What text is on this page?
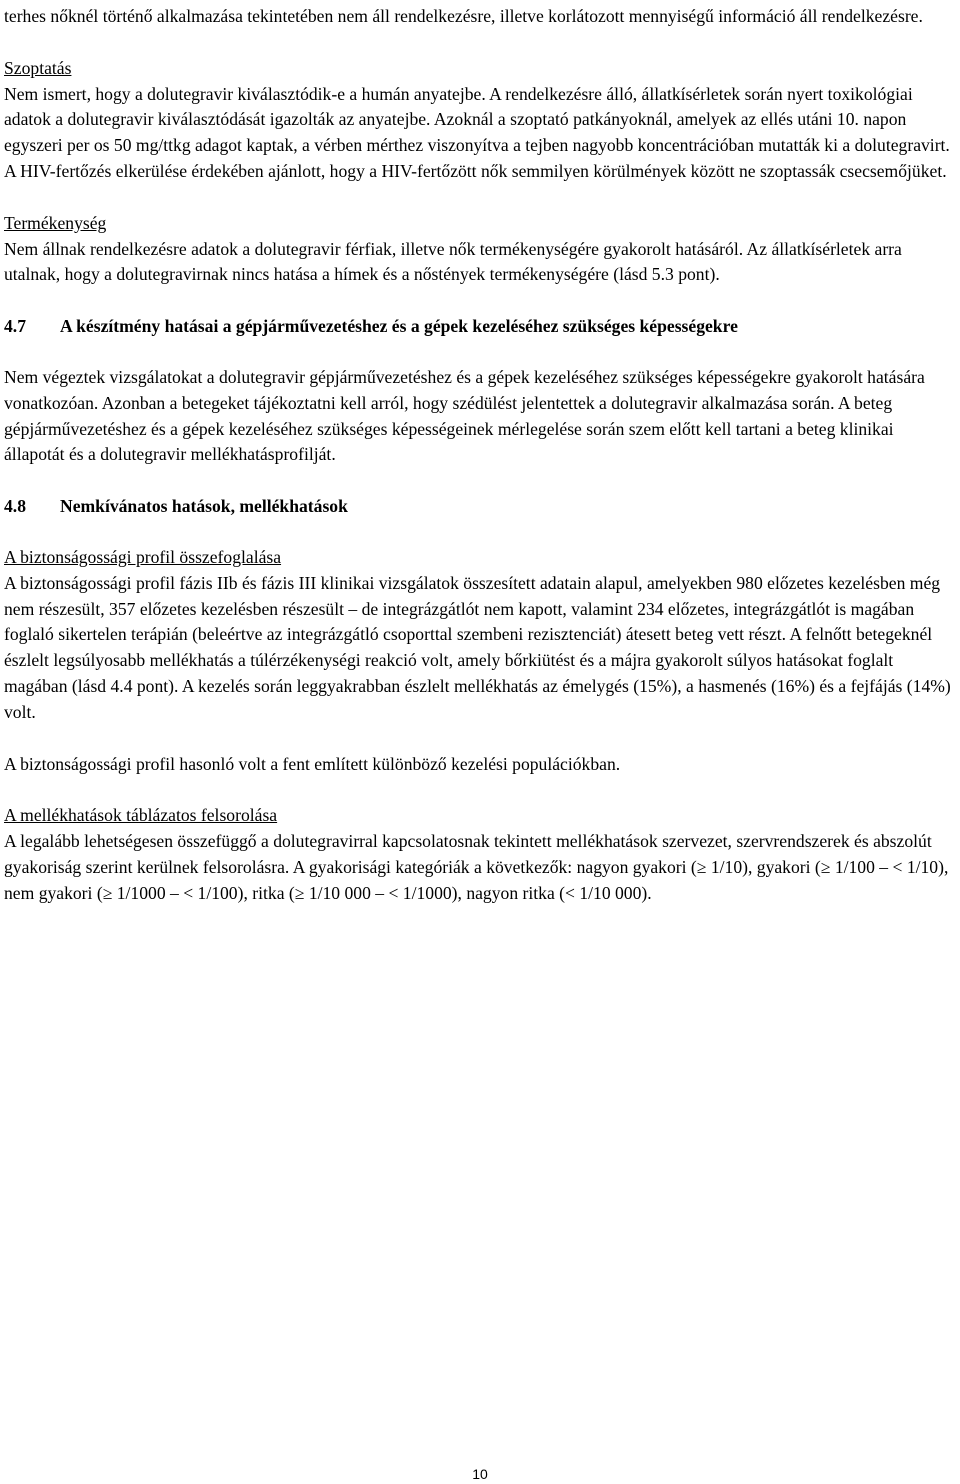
terhes nőknél történő alkalmazása tekintetében nem áll rendelkezésre, illetve korlátozott mennyiségű információ áll rendelkezésre.

Szoptatás

Nem ismert, hogy a dolutegravir kiválasztódik-e a humán anyatejbe. A rendelkezésre álló, állatkísérletek során nyert toxikológiai adatok a dolutegravir kiválasztódását igazolták az anyatejbe. Azoknál a szoptató patkányoknál, amelyek az ellés utáni 10. napon egyszeri per os 50 mg/ttkg adagot kaptak, a vérben mérthez viszonyítva a tejben nagyobb koncentrációban mutatták ki a dolutegravirt. A HIV-fertőzés elkerülése érdekében ajánlott, hogy a HIV-fertőzött nők semmilyen körülmények között ne szoptassák csecsemőjüket.

Termékenység

Nem állnak rendelkezésre adatok a dolutegravir férfiak, illetve nők termékenységére gyakorolt hatásáról. Az állatkísérletek arra utalnak, hogy a dolutegravirnak nincs hatása a hímek és a nőstények termékenységére (lásd 5.3 pont).

4.7 A készítmény hatásai a gépjárművezetéshez és a gépek kezeléséhez szükséges képességekre

Nem végeztek vizsgálatokat a dolutegravir gépjárművezetéshez és a gépek kezeléséhez szükséges képességekre gyakorolt hatására vonatkozóan. Azonban a betegeket tájékoztatni kell arról, hogy szédülést jelentettek a dolutegravir alkalmazása során. A beteg gépjárművezetéshez és a gépek kezeléséhez szükséges képességeinek mérlegelése során szem előtt kell tartani a beteg klinikai állapotát és a dolutegravir mellékhatásprofilját.

4.8 Nemkívánatos hatások, mellékhatások

A biztonságossági profil összefoglalása

A biztonságossági profil fázis IIb és fázis III klinikai vizsgálatok összesített adatain alapul, amelyekben 980 előzetes kezelésben még nem részesült, 357 előzetes kezelésben részesült – de integrázgátlót nem kapott, valamint 234 előzetes, integrázgátlót is magában foglaló sikertelen terápián (beleértve az integrázgátló csoporttal szembeni rezisztenciát) átesett beteg vett részt. A felnőtt betegeknél észlelt legsúlyosabb mellékhatás a túlérzékenységi reakció volt, amely bőrkiütést és a májra gyakorolt súlyos hatásokat foglalt magában (lásd 4.4 pont). A kezelés során leggyakrabban észlelt mellékhatás az émelygés (15%), a hasmenés (16%) és a fejfájás (14%) volt.

A biztonságossági profil hasonló volt a fent említett különböző kezelési populációkban.

A mellékhatások táblázatos felsorolása

A legalább lehetségesen összefüggő a dolutegravirral kapcsolatosnak tekintett mellékhatások szervezet, szervrendszerek és abszolút gyakoriság szerint kerülnek felsorolásra. A gyakorisági kategóriák a következők: nagyon gyakori (≥ 1/10), gyakori (≥ 1/100 – < 1/10), nem gyakori (≥ 1/1000 – < 1/100), ritka (≥ 1/10 000 – < 1/1000), nagyon ritka (< 1/10 000).

10
